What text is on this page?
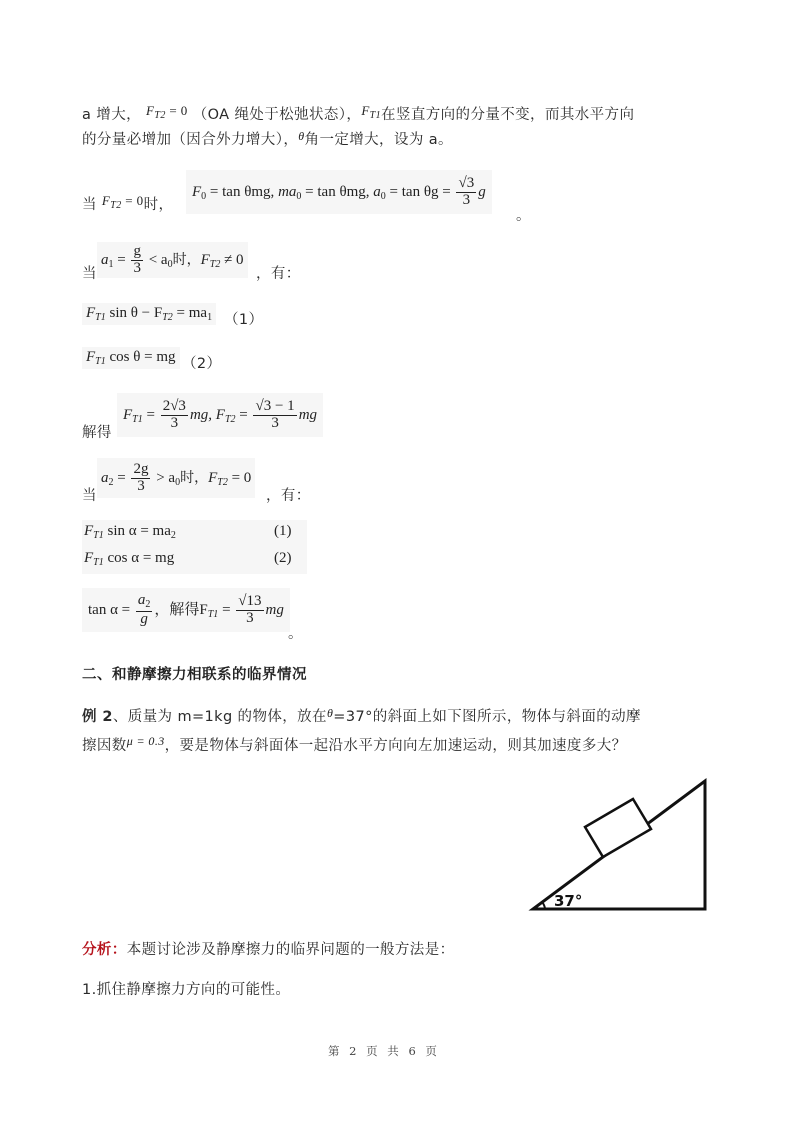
a 增大， $F_{T2} = 0$ （OA 绳处于松弛状态），$F_{T1}$在竖直方向的分量不变，而其水平方向
的分量必增加（因合外力增大），$^\theta$角一定增大，设为 a。
当 $F_{T2} = 0$时，
$F_0 = \tan \theta mg$, $ma_0 = \tan \theta mg$, $a_0 = \tan \theta g = \frac{√3}{3}$ g
。
当
$a_1 = \frac{g}{3} < a_0$时，$F_{T2} \ne 0$
，有：
$F_{T1}$ $\sin \theta - F_{T2} = ma_1$ （1）
$F_{T1}$ cos θ = mg （2）
解得
$F_{T1} = \frac{2√3}{3}$ mg, $F_{T2} = \frac{√3 - 1}{3}$ mg
当
$a_2 = \frac{2g}{3} > a_0$时，$F_{T2} = 0$
，有：
$F_{T1}$ $\sin \alpha = ma_2$	(1)
$F_{T1}$ cos α = mg	(2)
$\tan \alpha = \frac{a_2}{g}$ ，解得$F_{T1} = \frac{√13}{3}$ mg
。
二、和静摩擦力相联系的临界情况
例 2、质量为 m=1kg 的物体，放在$^\theta$=37°的斜面上如下图所示，物体与斜面的动摩
擦因数$^{\mu = 0.3}$，要是物体与斜面体一起沿水平方向向左加速运动，则其加速度多大？
37°
分析：本题讨论涉及静摩擦力的临界问题的一般方法是：
1.抓住静摩擦力方向的可能性。
第 2 页 共 6 页
